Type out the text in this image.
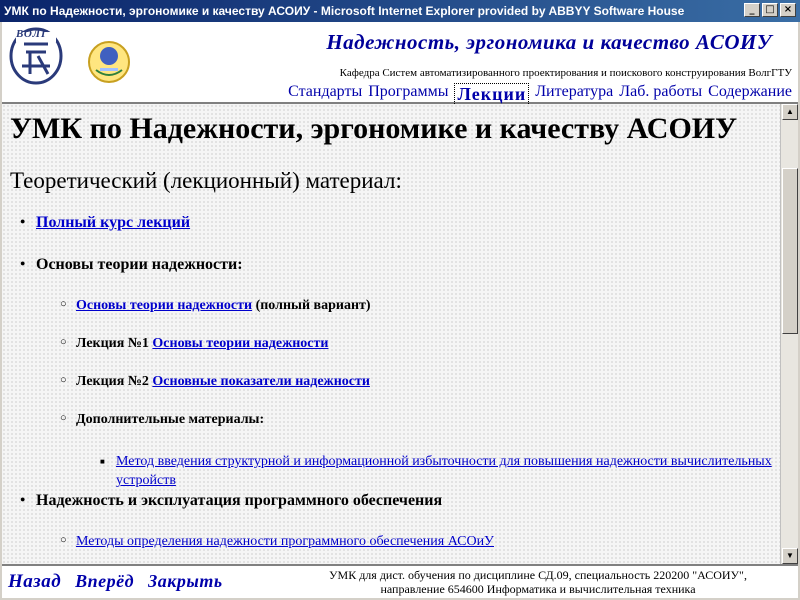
УМК по Надежности, эргономике и качеству АСОИУ - Microsoft Internet Explorer provided by ABBYY Software House	_	□ ×
ВОЛГ	Надежность, эргономика и качество АСОИУ
Кафедра Систем автоматизированного проектирования и поискового конструирования ВолгГТУ
Стандарты Программы Лекции Литература Лаб. работы Содержание
УМК по Надежности, эргономике и качеству АСОИУ
Теоретический (лекционный) материал:
● Полный курс лекций
● Основы теории надежности:
○ Основы теории надежности (полный вариант)
○ Лекция №1 Основы теории надежности
○ Лекция №2 Основные показатели надежности
○ Дополнительные материалы:
■ Метод введения структурной и информационной избыточности для повышения надежности вычислительных устройств
● Надежность и эксплуатация программного обеспечения
○ Методы определения надежности программного обеспечения АСОиУ
▲
▼
Назад Вперёд Закрыть	УМК для дист. обучения по дисциплине СД.09, специальность 220200 "АСОИУ",
направление 654600 Информатика и вычислительная техника
